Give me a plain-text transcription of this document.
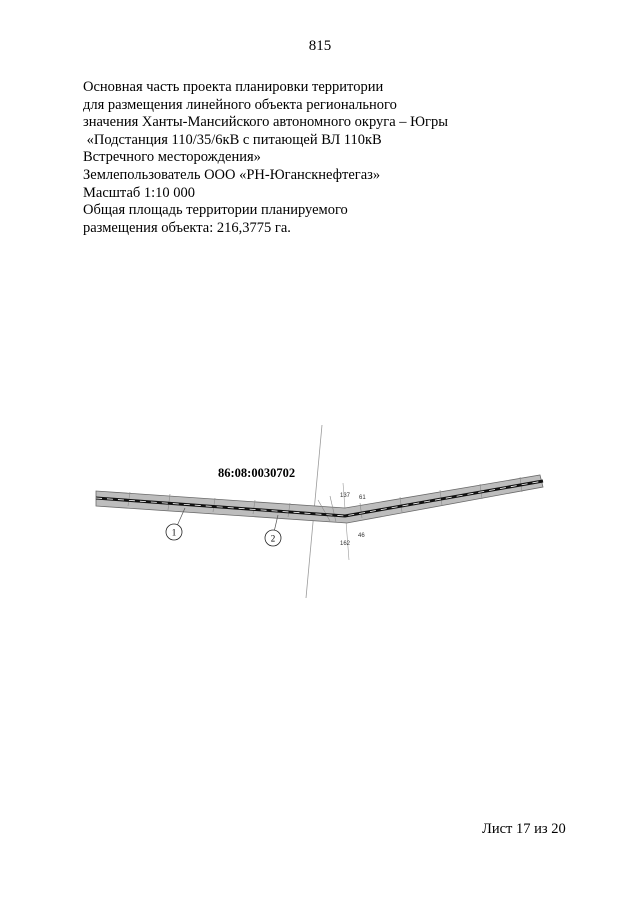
815
Основная часть проекта планировки территории
для размещения линейного объекта регионального
значения Ханты-Мансийского автономного округа – Югры
«Подстанция 110/35/6кВ с питающей ВЛ 110кВ
Встречного месторождения»
Землепользователь ООО «РН-Юганскнефтегаз»
Масштаб 1:10 000
Общая площадь территории планируемого
размещения объекта: 216,3775 га.
1
2
86:08:0030702
137 61
46
162
Лист 17 из 20
